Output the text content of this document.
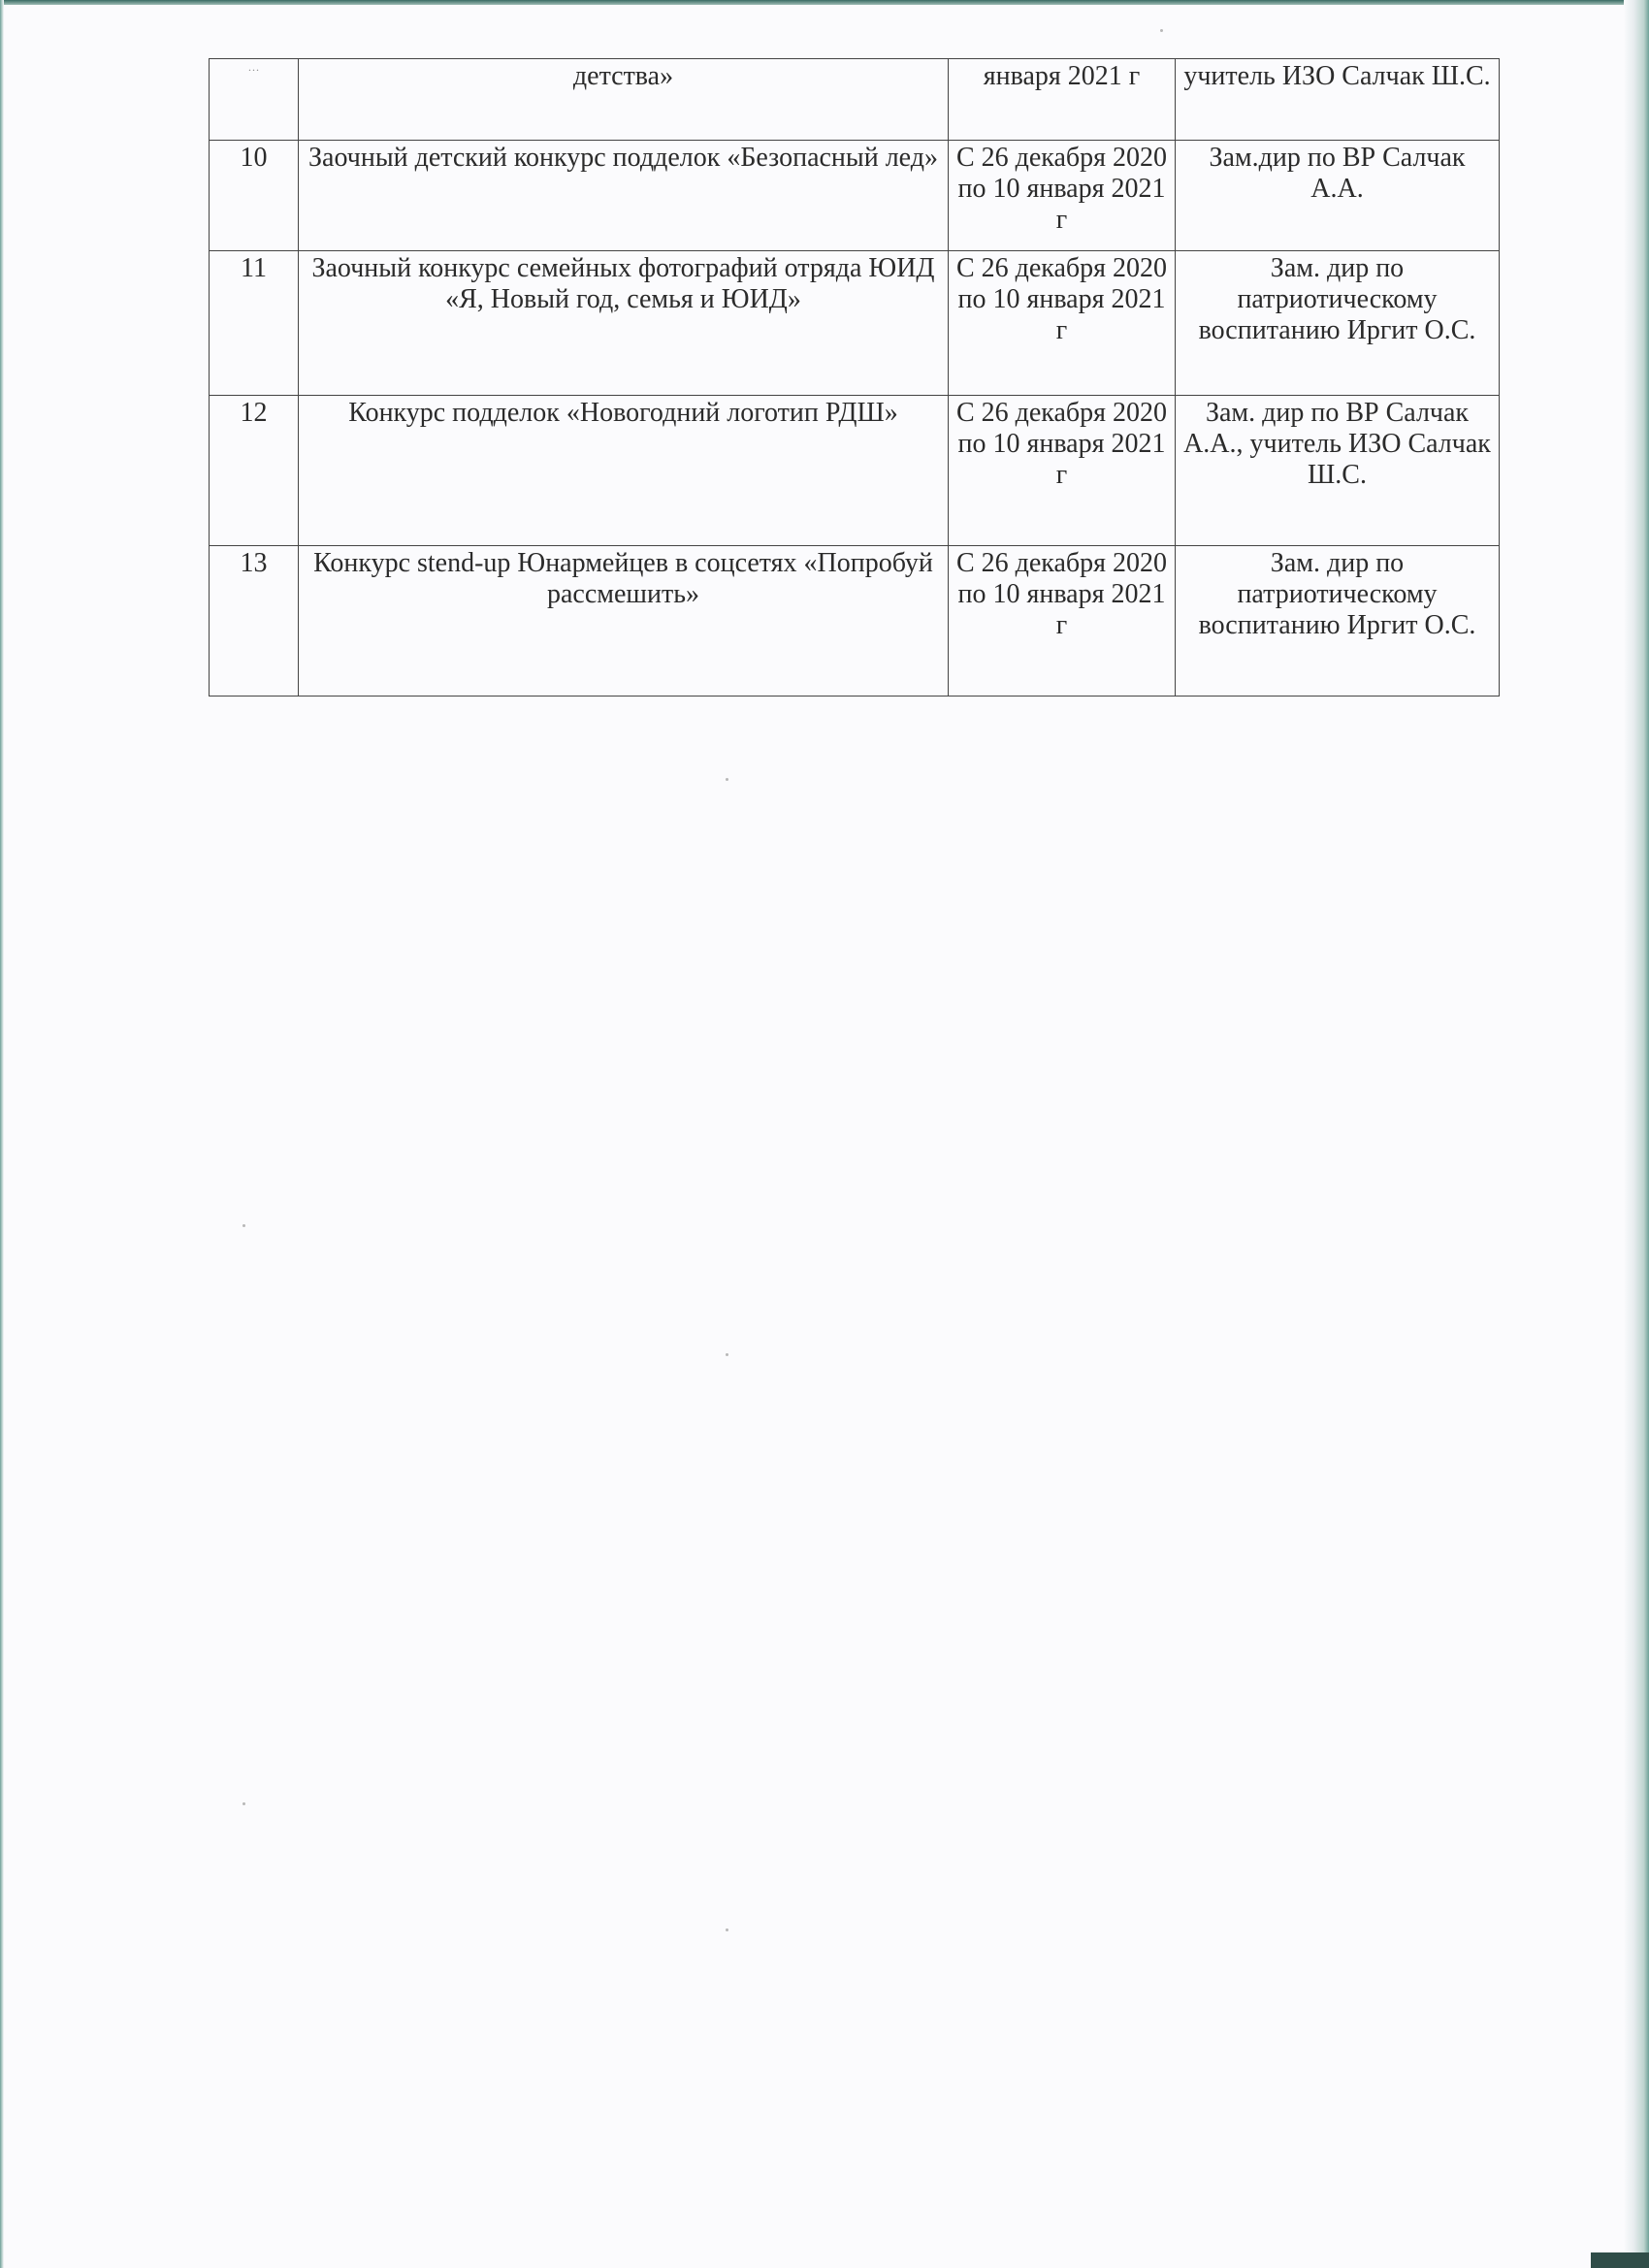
…	детства»	января 2021 г	учитель ИЗО Салчак Ш.С.
10	Заочный детский конкурс подделок «Безопасный лед»	С 26 декабря 2020 по 10 января 2021 г	Зам.дир по ВР Салчак А.А.
11	Заочный конкурс семейных фотографий отряда ЮИД «Я, Новый год, семья и ЮИД»	С 26 декабря 2020 по 10 января 2021 г	Зам. дир по патриотическому воспитанию Иргит О.С.
12	Конкурс подделок «Новогодний логотип РДШ»	С 26 декабря 2020 по 10 января 2021 г	Зам. дир по ВР Салчак А.А., учитель ИЗО Салчак Ш.С.
13	Конкурс stend-up Юнармейцев в соцсетях «Попробуй рассмешить»	С 26 декабря 2020 по 10 января 2021 г	Зам. дир по патриотическому воспитанию Иргит О.С.
